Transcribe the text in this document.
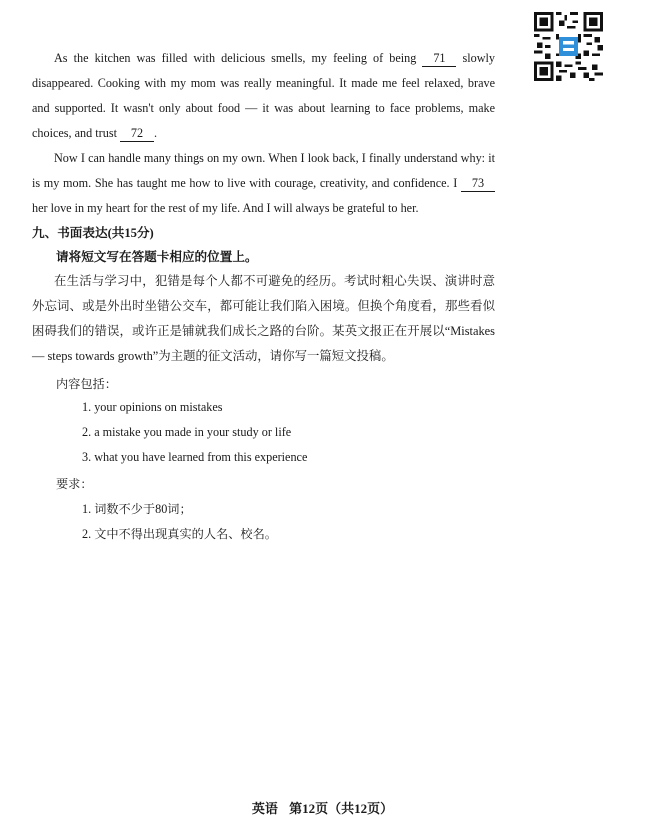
As the kitchen was filled with delicious smells, my feeling of being 71 slowly disappeared. Cooking with my mom was really meaningful. It made me feel relaxed, brave and supported. It wasn't only about food — it was about learning to face problems, make choices, and trust 72 .
Now I can handle many things on my own. When I look back, I finally understand why: it is my mom. She has taught me how to live with courage, creativity, and confidence. I 73 her love in my heart for the rest of my life. And I will always be grateful to her.
九、书面表达(共15分)
请将短文写在答题卡相应的位置上。
在生活与学习中，犯错是每个人都不可避免的经历。考试时粗心失误、演讲时意外忘词、或是外出时坐错公交车，都可能让我们陷入困境。但换个角度看，那些看似困碍我们的错误，或许正是铺就我们成长之路的台阶。某英文报正在开展以“Mistakes — steps towards growth”为主题的征文活动，请你写一篇短文投稿。
内容包括：
1. your opinions on mistakes
2. a mistake you made in your study or life
3. what you have learned from this experience
要求：
1. 词数不少于80词；
2. 文中不得出现真实的人名、校名。
英语 第12页（共12页）
